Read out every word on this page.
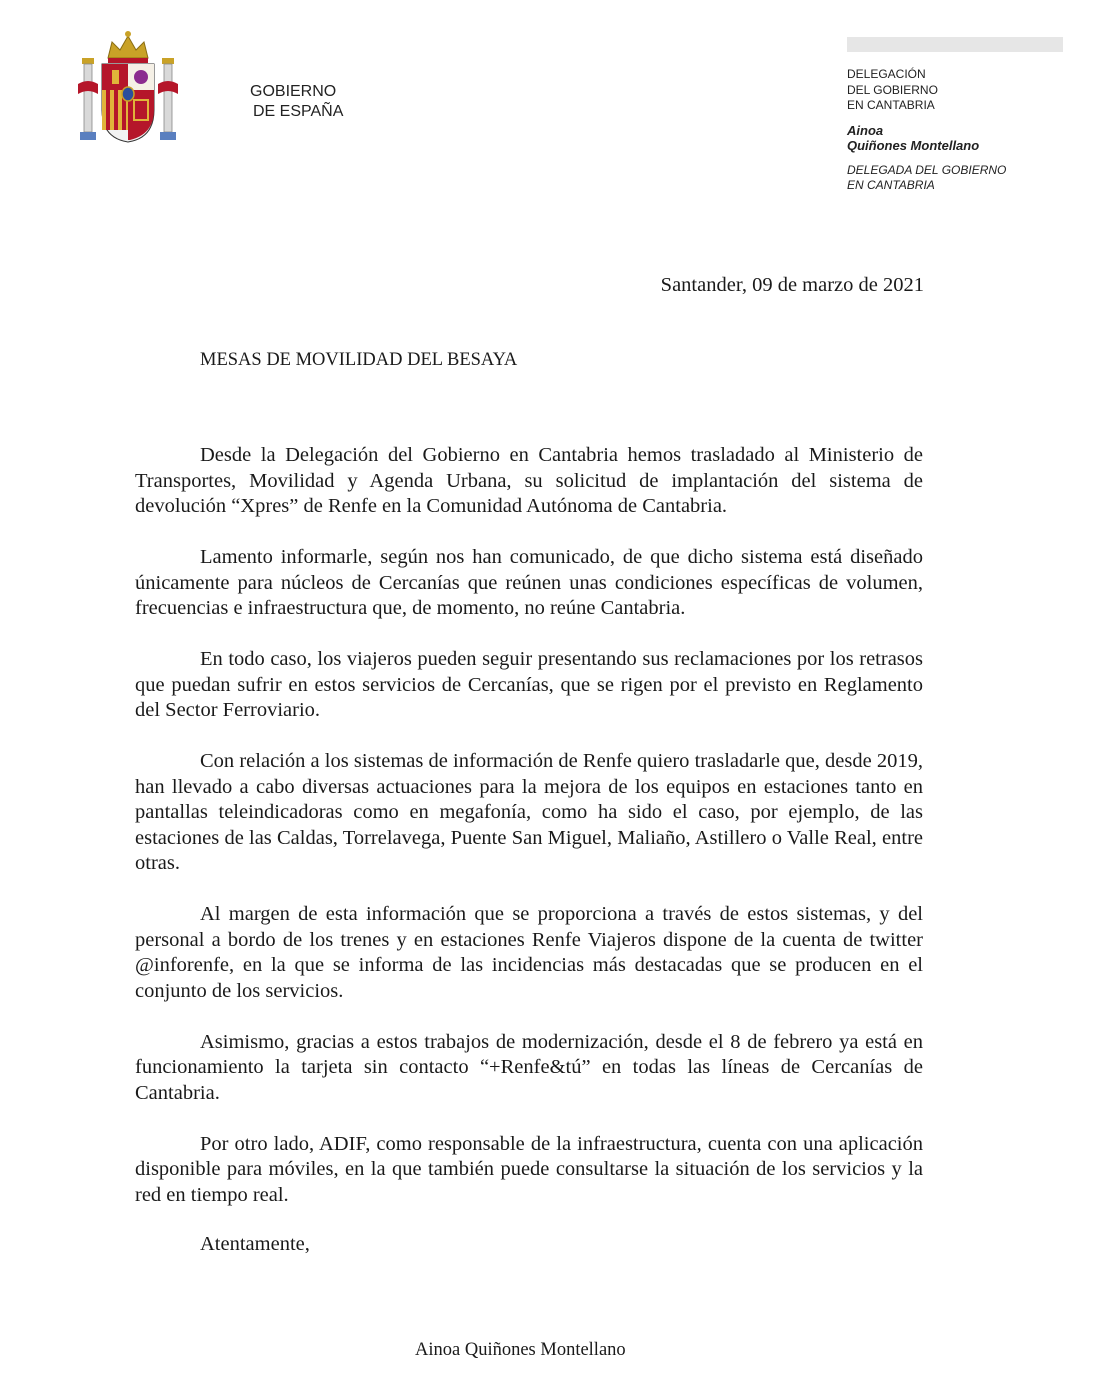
GOBIERNO
DE ESPAÑA
DELEGACIÓN
DEL GOBIERNO
EN CANTABRIA
Ainoa
Quiñones Montellano
DELEGADA DEL GOBIERNO
EN CANTABRIA
Santander, 09 de marzo de 2021
MESAS DE MOVILIDAD DEL BESAYA

Desde la Delegación del Gobierno en Cantabria hemos trasladado al Ministerio de Transportes, Movilidad y Agenda Urbana, su solicitud de implantación del sistema de devolución “Xpres” de Renfe en la Comunidad Autónoma de Cantabria.

Lamento informarle, según nos han comunicado, de que dicho sistema está diseñado únicamente para núcleos de Cercanías que reúnen unas condiciones específicas de volumen, frecuencias e infraestructura que, de momento, no reúne Cantabria.

En todo caso, los viajeros pueden seguir presentando sus reclamaciones por los retrasos que puedan sufrir en estos servicios de Cercanías, que se rigen por el previsto en Reglamento del Sector Ferroviario.

Con relación a los sistemas de información de Renfe quiero trasladarle que, desde 2019, han llevado a cabo diversas actuaciones para la mejora de los equipos en estaciones tanto en pantallas teleindicadoras como en megafonía, como ha sido el caso, por ejemplo, de las estaciones de las Caldas, Torrelavega, Puente San Miguel, Maliaño, Astillero o Valle Real, entre otras.

Al margen de esta información que se proporciona a través de estos sistemas, y del personal a bordo de los trenes y en estaciones Renfe Viajeros dispone de la cuenta de twitter @inforenfe, en la que se informa de las incidencias más destacadas que se producen en el conjunto de los servicios.

Asimismo, gracias a estos trabajos de modernización, desde el 8 de febrero ya está en funcionamiento la tarjeta sin contacto “+Renfe&tú” en todas las líneas de Cercanías de Cantabria.

Por otro lado, ADIF, como responsable de la infraestructura, cuenta con una aplicación disponible para móviles, en la que también puede consultarse la situación de los servicios y la red en tiempo real.

Atentamente,
Ainoa Quiñones Montellano
